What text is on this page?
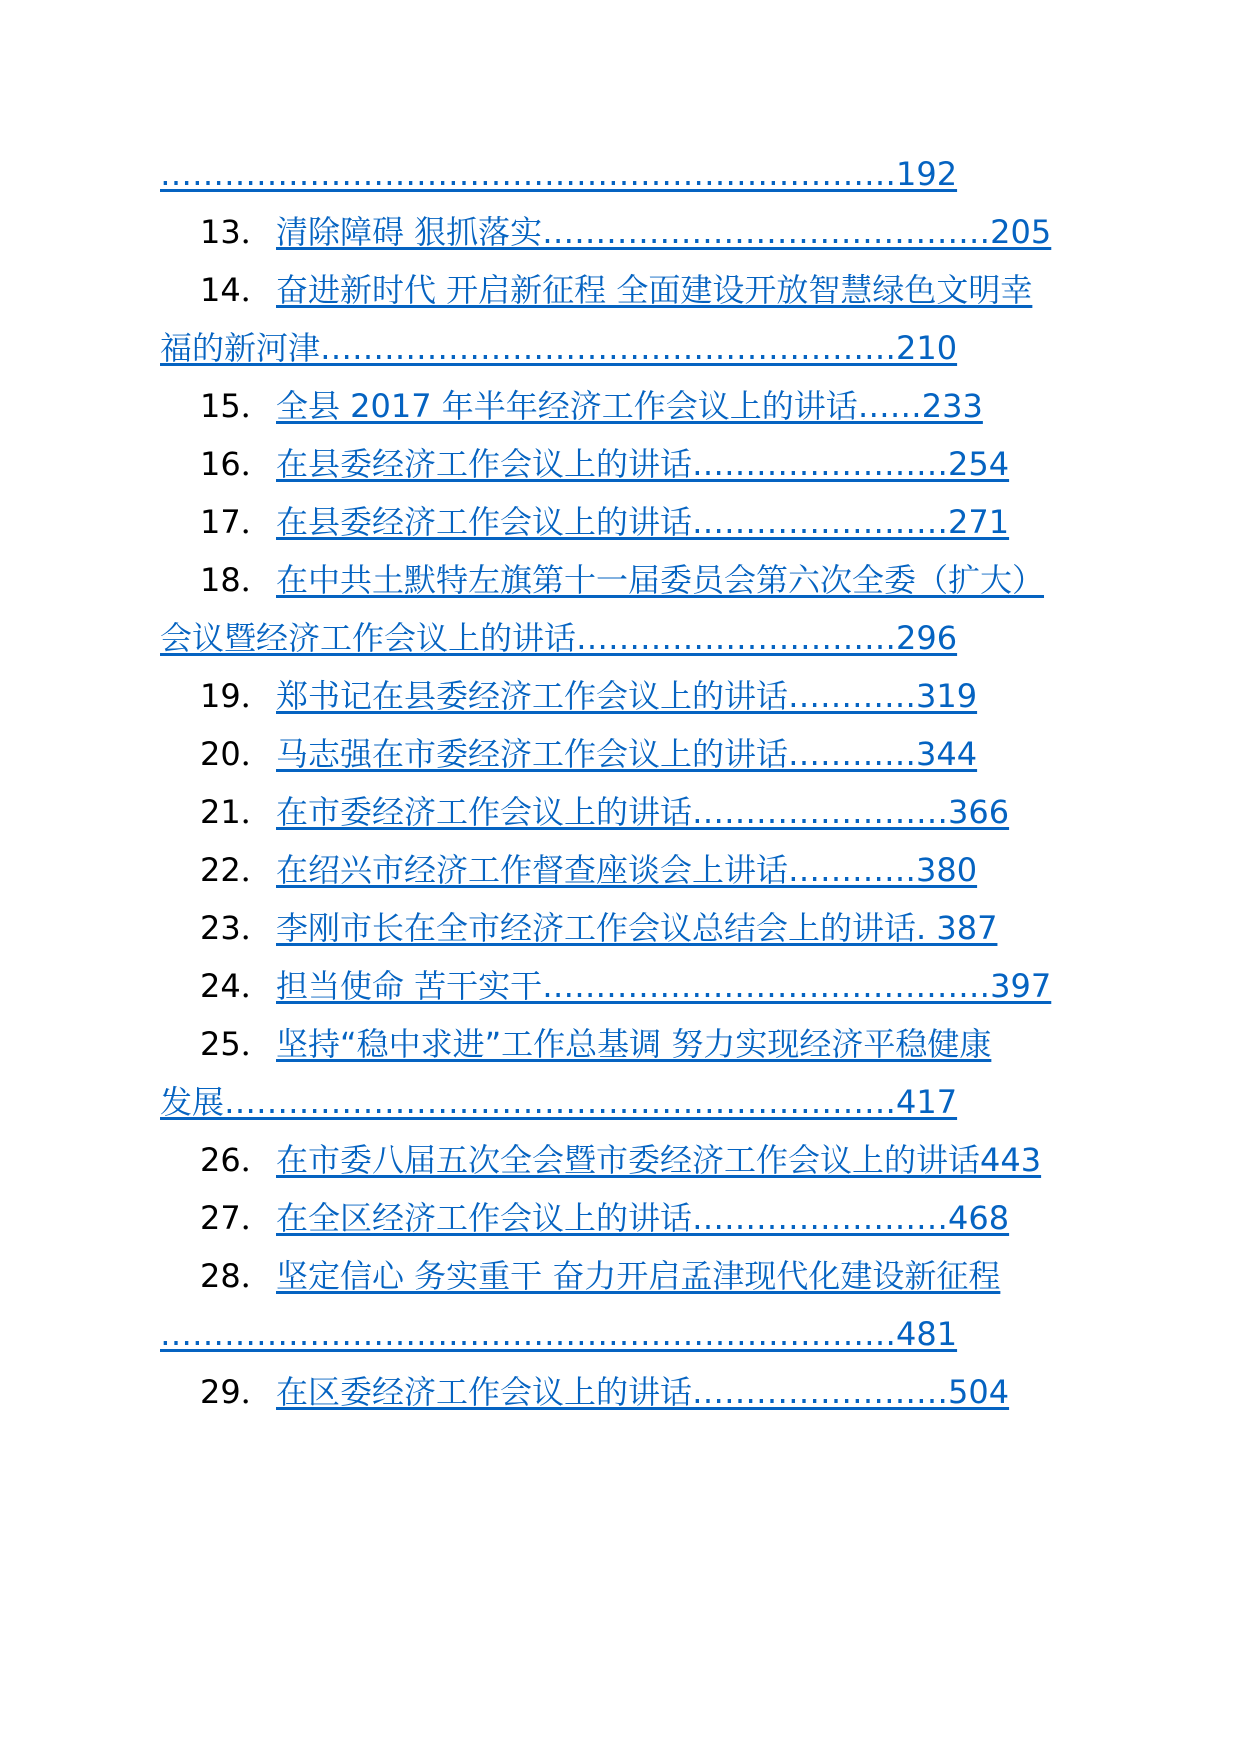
……………………………………………………………192
13． 清除障碍 狠抓落实……………………………………205
14． 奋进新时代 开启新征程 全面建设开放智慧绿色文明幸
福的新河津………………………………………………210
15． 全县 2017 年半年经济工作会议上的讲话……233
16． 在县委经济工作会议上的讲话……………………254
17． 在县委经济工作会议上的讲话……………………271
18． 在中共土默特左旗第十一届委员会第六次全委（扩大）
会议暨经济工作会议上的讲话…………………………296
19． 郑书记在县委经济工作会议上的讲话…………319
20． 马志强在市委经济工作会议上的讲话…………344
21． 在市委经济工作会议上的讲话……………………366
22． 在绍兴市经济工作督查座谈会上讲话…………380
23． 李刚市长在全市经济工作会议总结会上的讲话. 387
24． 担当使命 苦干实干……………………………………397
25． 坚持“稳中求进”工作总基调 努力实现经济平稳健康
发展………………………………………………………417
26． 在市委八届五次全会暨市委经济工作会议上的讲话443
27． 在全区经济工作会议上的讲话……………………468
28． 坚定信心 务实重干 奋力开启孟津现代化建设新征程
……………………………………………………………481
29． 在区委经济工作会议上的讲话……………………504
